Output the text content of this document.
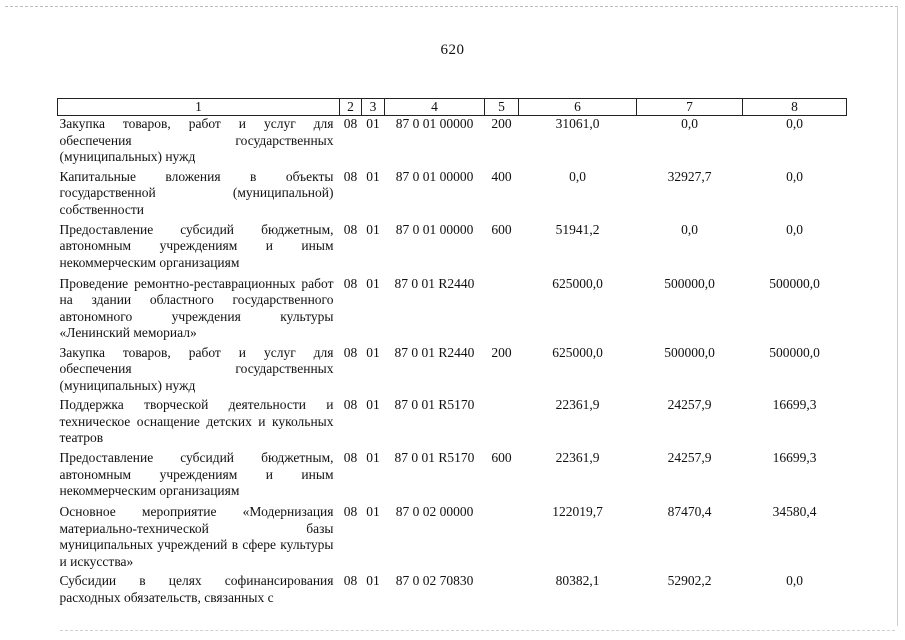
620
1	2	3	4	5	6	7	8
Закупка товаров, работ и услуг для обеспечения государственных (муниципальных) нужд	08	01	87 0 01 00000	200	31061,0	0,0	0,0
Капитальные вложения в объекты государственной (муниципальной) собственности	08	01	87 0 01 00000	400	0,0	32927,7	0,0
Предоставление субсидий бюджетным, автономным учреждениям и иным некоммерческим организациям	08	01	87 0 01 00000	600	51941,2	0,0	0,0
Проведение ремонтно-реставрационных работ на здании областного государственного автономного учреждения культуры «Ленинский мемориал»	08	01	87 0 01 R2440		625000,0	500000,0	500000,0
Закупка товаров, работ и услуг для обеспечения государственных (муниципальных) нужд	08	01	87 0 01 R2440	200	625000,0	500000,0	500000,0
Поддержка творческой деятельности и техническое оснащение детских и кукольных театров	08	01	87 0 01 R5170		22361,9	24257,9	16699,3
Предоставление субсидий бюджетным, автономным учреждениям и иным некоммерческим организациям	08	01	87 0 01 R5170	600	22361,9	24257,9	16699,3
Основное мероприятие «Модернизация материально-технической базы муниципальных учреждений в сфере культуры и искусства»	08	01	87 0 02 00000		122019,7	87470,4	34580,4
Субсидии в целях софинансирования расходных обязательств, связанных с	08	01	87 0 02 70830		80382,1	52902,2	0,0
